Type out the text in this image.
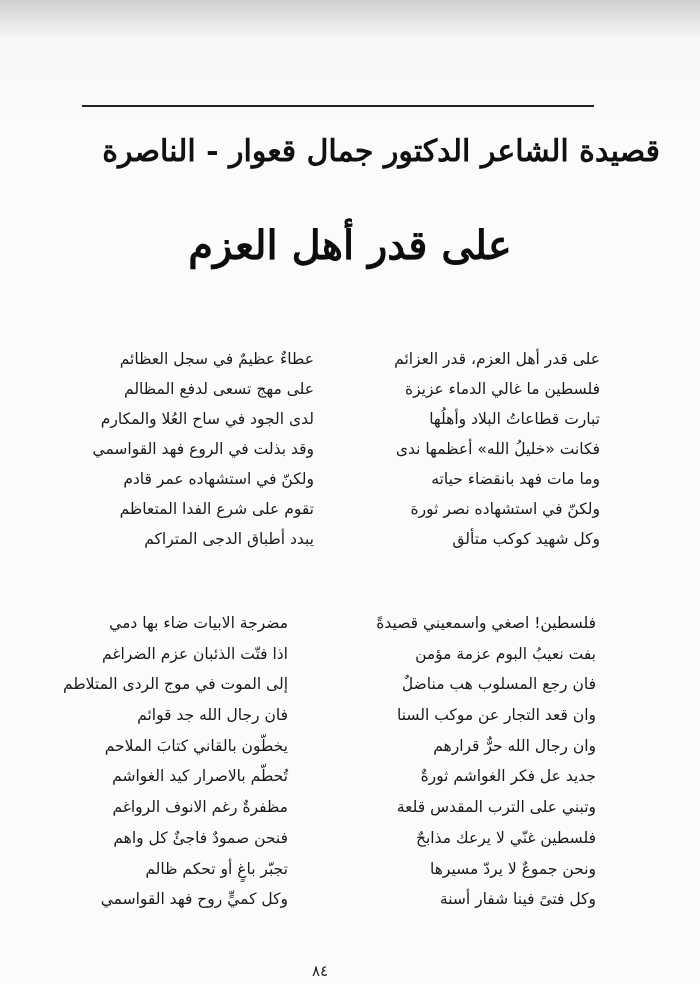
قصيدة الشاعر الدكتور جمال قعوار - الناصرة
على قدر أهل العزم
على قدر أهل العزم، قدر العزائم
فلسطين ما غالي الدماء عزيزة
تبارت قطاعاتُ البلاد وأهلُها
فكانت «خليلُ الله» أعظمها ندى
وما مات فهد بانقضاء حياته
ولكنّ في استشهاده نصر ثورة
وكل شهيد كوكب متألق
عطاءٌ عظيمٌ في سجل العظائم
على مهج تسعى لدفع المظالم
لدى الجود في ساح العُلا والمكارم
وقد بذلت في الروع فهد القواسمي
ولكنّ في استشهاده عمر قادم
تقوم على شرع الفدا المتعاظم
يبدد أطباق الدجى المتراكم
فلسطين! اصغي واسمعيني قصيدةً
بفت نعيبُ البوم عزمة مؤمن
فان رجع المسلوب هب مناضلٌ
وان قعد التجار عن موكب السنا
وان رجال الله حرٌّ قرارهم
جديد عل فكر الغواشم ثورةٌ
وتبني على الترب المقدس قلعة
فلسطين غنّي لا يرعك مذابحٌ
ونحن جموعٌ لا يردّ مسيرها
وكل فتىً فينا شفار أسنة
مضرجة الابيات ضاء بها دمي
اذا فتّت الذئبان عزم الضراغم
إلى الموت في موج الردى المتلاطم
فان رجال الله جد قوائم
يخطّون بالقاني كتابَ الملاحم
تُحطّم بالاصرار كيد الغواشم
مظفرةٌ رغم الانوف الرواغم
فنحن صمودٌ فاجئٌ كل واهم
تجبّر باغٍ أو تحكم ظالم
وكل كميٍّ روح فهد القواسمي
٨٤
